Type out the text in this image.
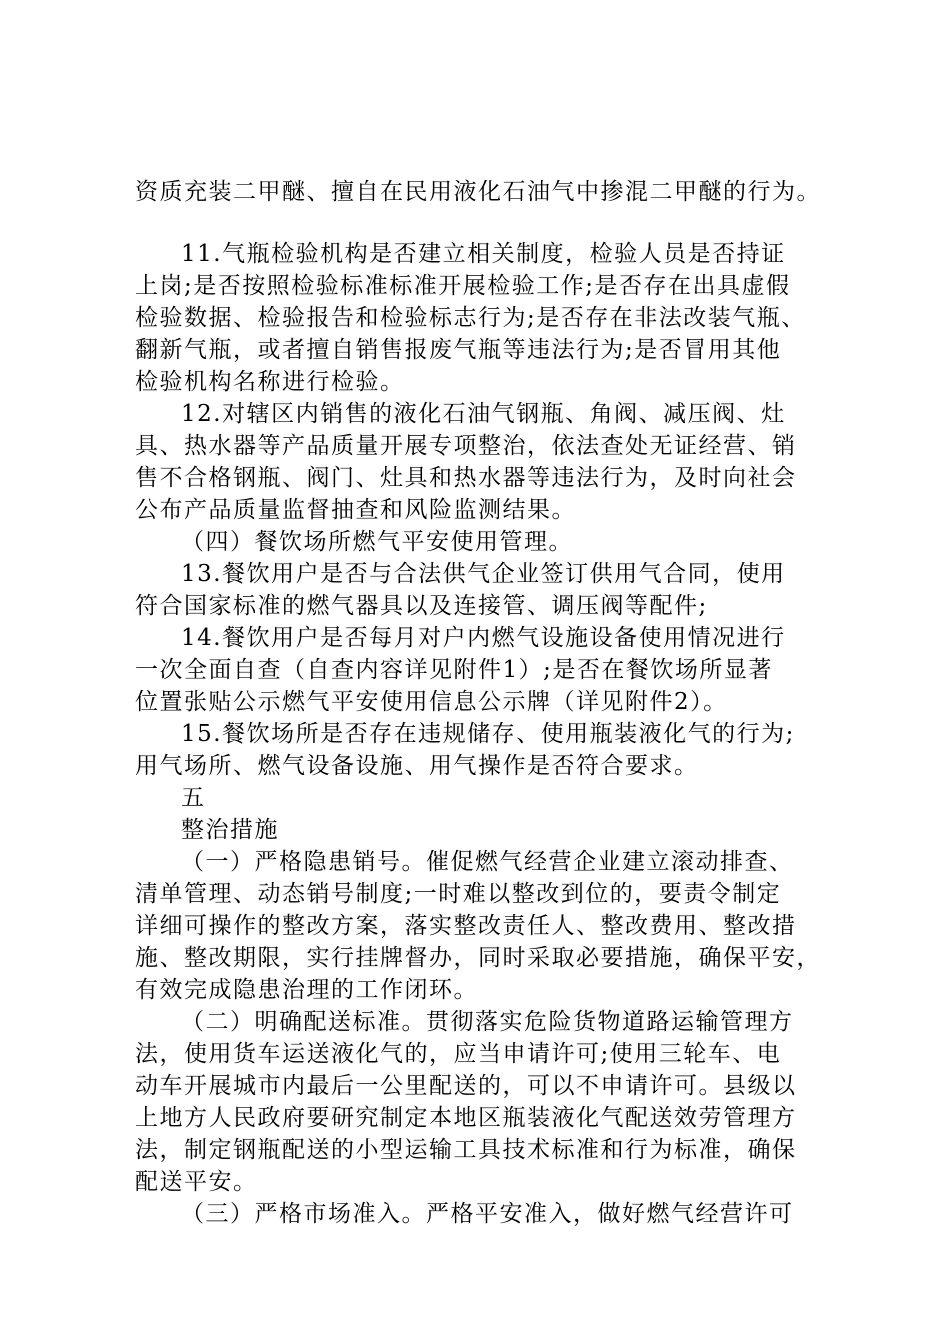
资质充装二甲醚、擅自在民用液化石油气中掺混二甲醚的行为。
11.气瓶检验机构是否建立相关制度，检验人员是否持证
上岗;是否按照检验标准标准开展检验工作;是否存在出具虚假
检验数据、检验报告和检验标志行为;是否存在非法改装气瓶、
翻新气瓶，或者擅自销售报废气瓶等违法行为;是否冒用其他
检验机构名称进行检验。
12.对辖区内销售的液化石油气钢瓶、角阀、减压阀、灶
具、热水器等产品质量开展专项整治，依法查处无证经营、销
售不合格钢瓶、阀门、灶具和热水器等违法行为，及时向社会
公布产品质量监督抽查和风险监测结果。
（四）餐饮场所燃气平安使用管理。
13.餐饮用户是否与合法供气企业签订供用气合同，使用
符合国家标准的燃气器具以及连接管、调压阀等配件;
14.餐饮用户是否每月对户内燃气设施设备使用情况进行
一次全面自查（自查内容详见附件1）;是否在餐饮场所显著
位置张贴公示燃气平安使用信息公示牌（详见附件2）。
15.餐饮场所是否存在违规储存、使用瓶装液化气的行为;
用气场所、燃气设备设施、用气操作是否符合要求。
五
整治措施
（一）严格隐患销号。催促燃气经营企业建立滚动排查、
清单管理、动态销号制度;一时难以整改到位的，要责令制定
详细可操作的整改方案，落实整改责任人、整改费用、整改措
施、整改期限，实行挂牌督办，同时采取必要措施，确保平安，
有效完成隐患治理的工作闭环。
（二）明确配送标准。贯彻落实危险货物道路运输管理方
法，使用货车运送液化气的，应当申请许可;使用三轮车、电
动车开展城市内最后一公里配送的，可以不申请许可。县级以
上地方人民政府要研究制定本地区瓶装液化气配送效劳管理方
法，制定钢瓶配送的小型运输工具技术标准和行为标准，确保
配送平安。
（三）严格市场准入。严格平安准入，做好燃气经营许可
